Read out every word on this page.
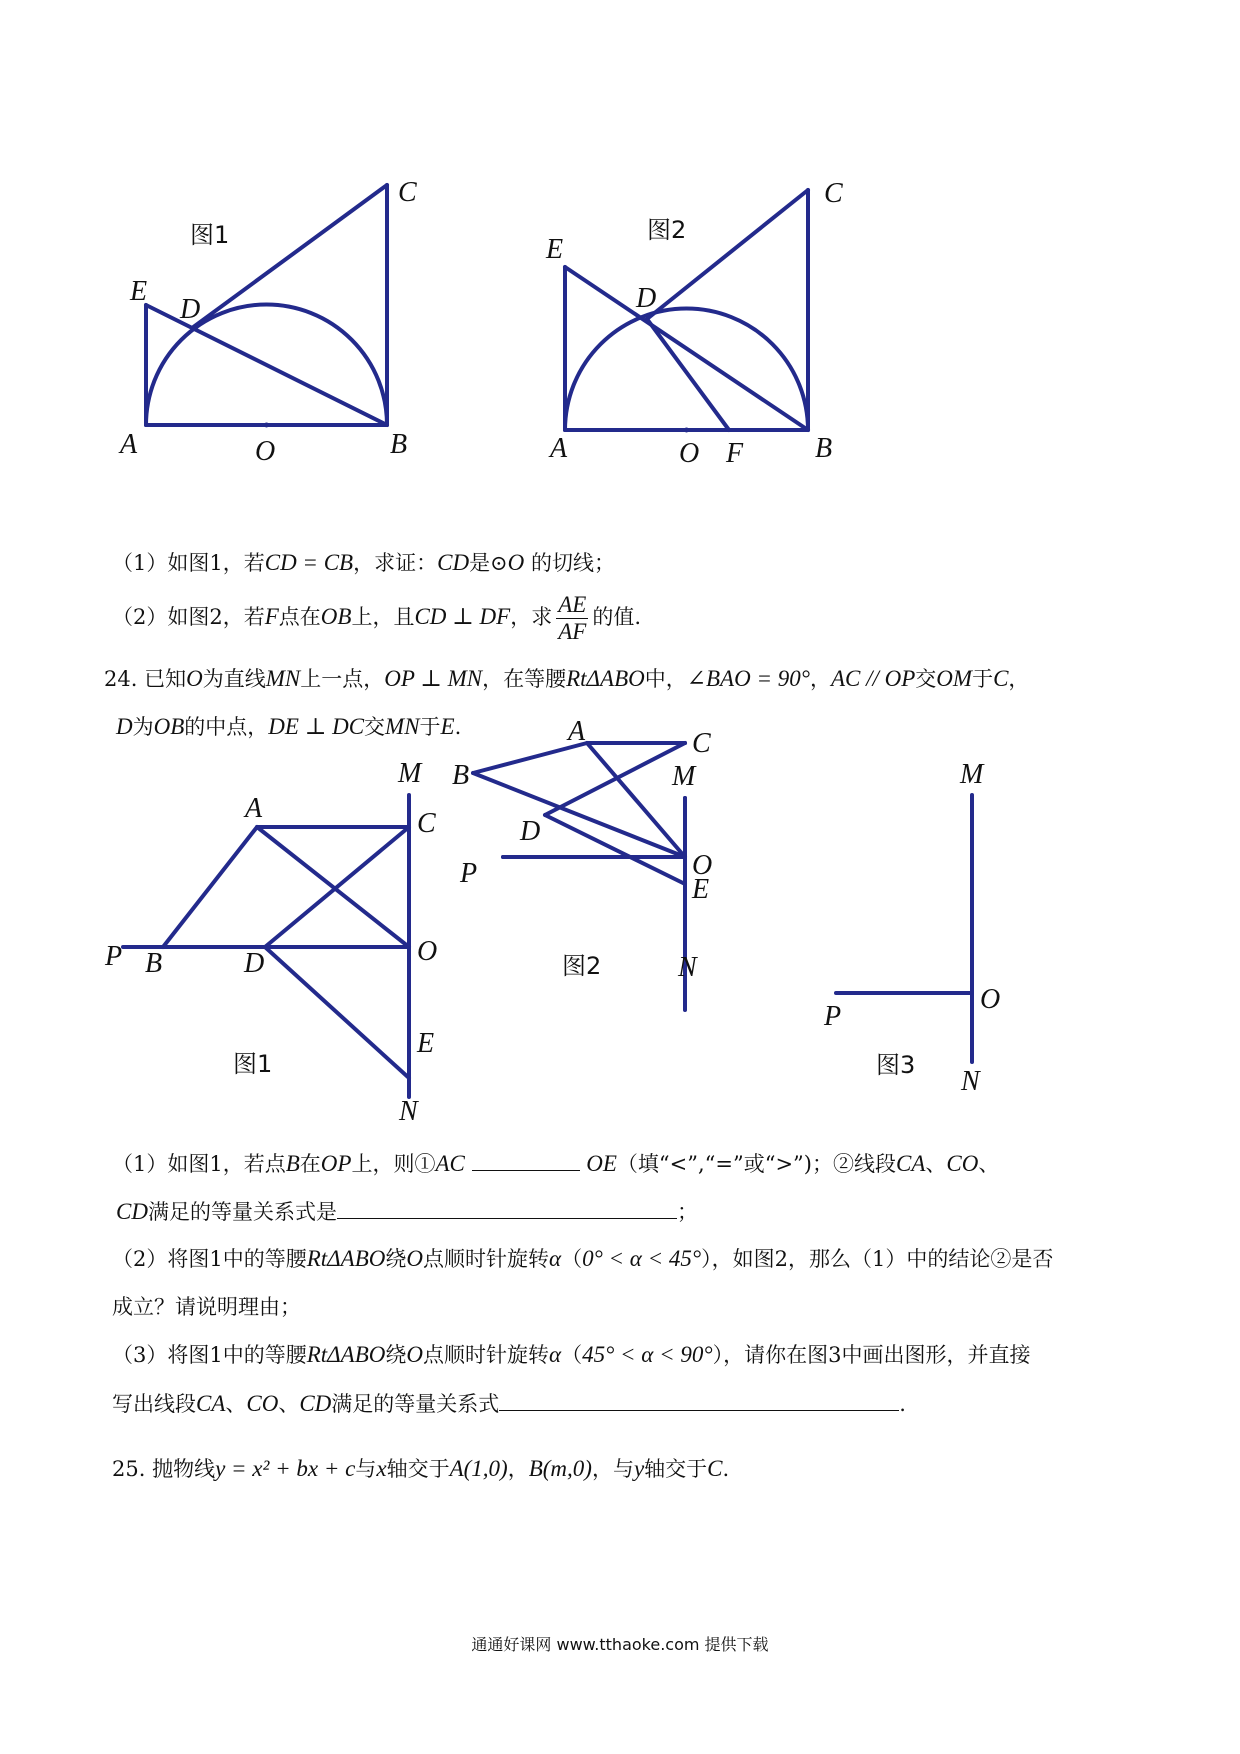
图1
A	B
C
D
E
O
图2
A	B
C
D
E
O F
（1）如图1，若CD = CB，求证：CD是⊙O 的切线；
（2）如图2，若F点在OB上，且CD ⊥ DF，求 $\frac{AE}{AF}$ 的值.
24. 已知O为直线MN上一点，OP ⊥ MN，在等腰RtΔABO中，∠BAO = 90°，AC // OP交OM于C，
D为OB的中点，DE ⊥ DC交MN于E.
M
A	C
P B	D	O
E
图1
N
A	C
B
D
P	O
E
图2	N
M	M
O
P
图3
N
（1）如图1，若点B在OP上，则①AC	OE（填“<”,“=”或“>”)；②线段CA、CO、
CD满足的等量关系式是	；
（2）将图1中的等腰RtΔABO绕O点顺时针旋转α（0° < α < 45°），如图2，那么（1）中的结论②是否
成立？请说明理由；
（3）将图1中的等腰RtΔABO绕O点顺时针旋转α（45° < α < 90°），请你在图3中画出图形，并直接
写出线段CA、CO、CD满足的等量关系式	.
25. 抛物线y = x² + bx + c与x轴交于A(1,0)，B(m,0)，与y轴交于C.
通通好课网 www.tthaoke.com 提供下载
